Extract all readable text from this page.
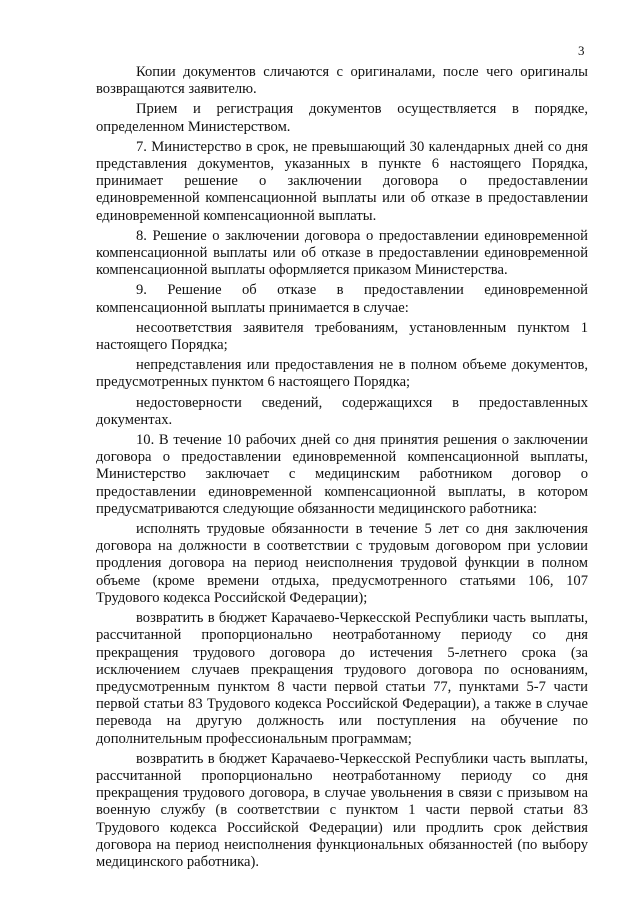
3

Копии документов сличаются с оригиналами, после чего оригиналы возвращаются заявителю.

Прием и регистрация документов осуществляется в порядке, определенном Министерством.

7. Министерство в срок, не превышающий 30 календарных дней со дня представления документов, указанных в пункте 6 настоящего Порядка, принимает решение о заключении договора о предоставлении единовременной компенсационной выплаты или об отказе в предоставлении единовременной компенсационной выплаты.

8. Решение о заключении договора о предоставлении единовременной компенсационной выплаты или об отказе в предоставлении единовременной компенсационной выплаты оформляется приказом Министерства.

9. Решение об отказе в предоставлении единовременной компенсационной выплаты принимается в случае:

несоответствия заявителя требованиям, установленным пунктом 1 настоящего Порядка;

непредставления или предоставления не в полном объеме документов, предусмотренных пунктом 6 настоящего Порядка;

недостоверности сведений, содержащихся в предоставленных документах.

10. В течение 10 рабочих дней со дня принятия решения о заключении договора о предоставлении единовременной компенсационной выплаты, Министерство заключает с медицинским работником договор о предоставлении единовременной компенсационной выплаты, в котором предусматриваются следующие обязанности медицинского работника:

исполнять трудовые обязанности в течение 5 лет со дня заключения договора на должности в соответствии с трудовым договором при условии продления договора на период неисполнения трудовой функции в полном объеме (кроме времени отдыха, предусмотренного статьями 106, 107 Трудового кодекса Российской Федерации);

возвратить в бюджет Карачаево-Черкесской Республики часть выплаты, рассчитанной пропорционально неотработанному периоду со дня прекращения трудового договора до истечения 5-летнего срока (за исключением случаев прекращения трудового договора по основаниям, предусмотренным пунктом 8 части первой статьи 77, пунктами 5-7 части первой статьи 83 Трудового кодекса Российской Федерации), а также в случае перевода на другую должность или поступления на обучение по дополнительным профессиональным программам;

возвратить в бюджет Карачаево-Черкесской Республики часть выплаты, рассчитанной пропорционально неотработанному периоду со дня прекращения трудового договора, в случае увольнения в связи с призывом на военную службу (в соответствии с пунктом 1 части первой статьи 83 Трудового кодекса Российской Федерации) или продлить срок действия договора на период неисполнения функциональных обязанностей (по выбору медицинского работника).
